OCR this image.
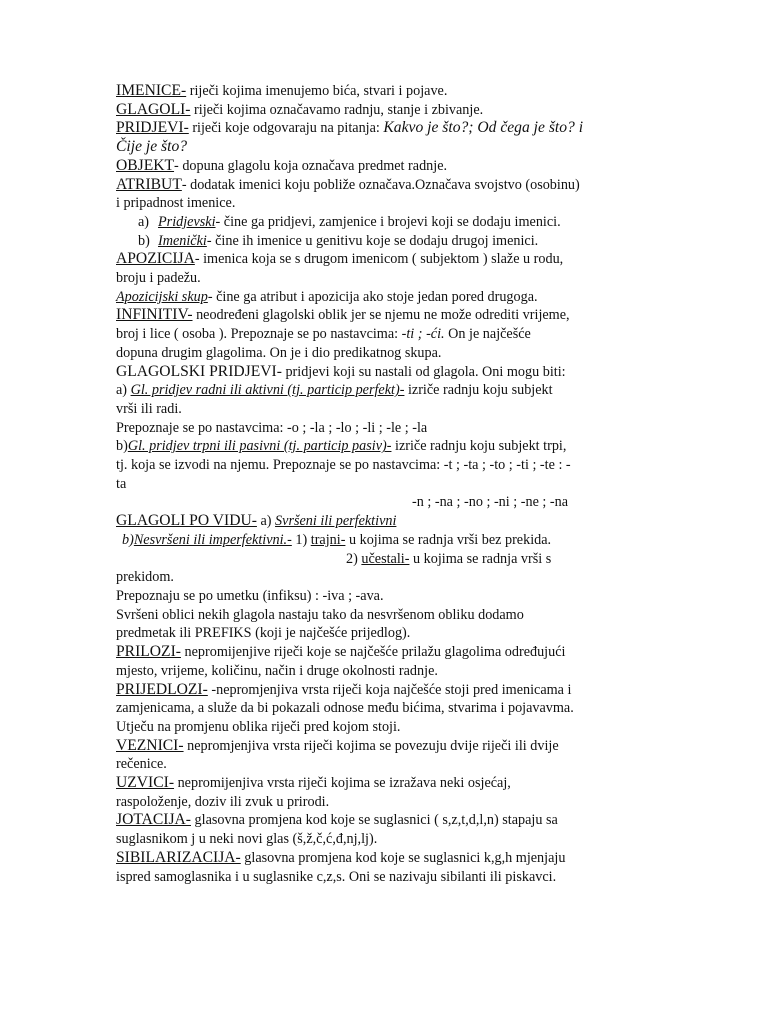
IMENICE- riječi kojima imenujemo bića, stvari i pojave.
GLAGOLI- riječi kojima označavamo radnju, stanje i zbivanje.
PRIDJEVI- riječi koje odgovaraju na pitanja: Kakvo je što?; Od čega je što? i
Čije je što?
OBJEKT- dopuna glagolu koja označava predmet radnje.
ATRIBUT- dodatak imenici koju pobliže označava.Označava svojstvo (osobinu)
i pripadnost imenice.
a) Pridjevski- čine ga pridjevi, zamjenice i brojevi koji se dodaju imenici.
b) Imenički- čine ih imenice u genitivu koje se dodaju drugoj imenici.
APOZICIJA- imenica koja se s drugom imenicom ( subjektom ) slaže u rodu,
broju i padežu.
Apozicijski skup- čine ga atribut i apozicija ako stoje jedan pored drugoga.
INFINITIV- neodređeni glagolski oblik jer se njemu ne može odrediti vrijeme,
broj i lice ( osoba ). Prepoznaje se po nastavcima: -ti ; -ći. On je najčešće
dopuna drugim glagolima. On je i dio predikatnog skupa.
GLAGOLSKI PRIDJEVI- pridjevi koji su nastali od glagola. Oni mogu biti:
a) Gl. pridjev radni ili aktivni (tj. particip perfekt)- izriče radnju koju subjekt
vrši ili radi.
Prepoznaje se po nastavcima: -o ; -la ; -lo ; -li ; -le ; -la
b)Gl. pridjev trpni ili pasivni (tj. particip pasiv)- izriče radnju koju subjekt trpi,
tj. koja se izvodi na njemu. Prepoznaje se po nastavcima: -t ; -ta ; -to ; -ti ; -te : -
ta
-n ; -na ; -no ; -ni ; -ne ; -na
GLAGOLI PO VIDU- a) Svršeni ili perfektivni
b)Nesvršeni ili imperfektivni.- 1) trajni- u kojima se radnja vrši bez prekida.
2) učestali- u kojima se radnja vrši s
prekidom.
Prepoznaju se po umetku (infiksu) : -iva ; -ava.
Svršeni oblici nekih glagola nastaju tako da nesvršenom obliku dodamo
predmetak ili PREFIKS (koji je najčešće prijedlog).
PRILOZI- nepromijenjive riječi koje se najčešće prilažu glagolima određujući
mjesto, vrijeme, količinu, način i druge okolnosti radnje.
PRIJEDLOZI- -nepromjenjiva vrsta riječi koja najčešće stoji pred imenicama i
zamjenicama, a služe da bi pokazali odnose među bićima, stvarima i pojavavma.
Utječu na promjenu oblika riječi pred kojom stoji.
VEZNICI- nepromjenjiva vrsta riječi kojima se povezuju dvije riječi ili dvije
rečenice.
UZVICI- nepromijenjiva vrsta riječi kojima se izražava neki osjećaj,
raspoloženje, doziv ili zvuk u prirodi.
JOTACIJA- glasovna promjena kod koje se suglasnici ( s,z,t,d,l,n) stapaju sa
suglasnikom j u neki novi glas (š,ž,č,ć,đ,nj,lj).
SIBILARIZACIJA- glasovna promjena kod koje se suglasnici k,g,h mjenjaju
ispred samoglasnika i u suglasnike c,z,s. Oni se nazivaju sibilanti ili piskavci.
